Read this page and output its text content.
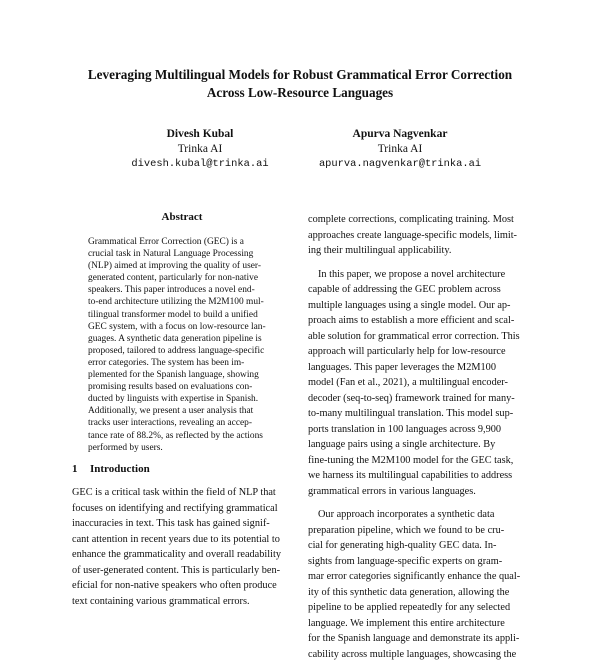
Leveraging Multilingual Models for Robust Grammatical Error Correction
Across Low-Resource Languages
Divesh Kubal
Trinka AI
divesh.kubal@trinka.ai
Apurva Nagvenkar
Trinka AI
apurva.nagvenkar@trinka.ai
Abstract
Grammatical Error Correction (GEC) is a
crucial task in Natural Language Processing
(NLP) aimed at improving the quality of user-
generated content, particularly for non-native
speakers. This paper introduces a novel end-
to-end architecture utilizing the M2M100 mul-
tilingual transformer model to build a unified
GEC system, with a focus on low-resource lan-
guages. A synthetic data generation pipeline is
proposed, tailored to address language-specific
error categories. The system has been im-
plemented for the Spanish language, showing
promising results based on evaluations con-
ducted by linguists with expertise in Spanish.
Additionally, we present a user analysis that
tracks user interactions, revealing an accep-
tance rate of 88.2%, as reflected by the actions
performed by users.
1 Introduction
GEC is a critical task within the field of NLP that
focuses on identifying and rectifying grammatical
inaccuracies in text. This task has gained signif-
cant attention in recent years due to its potential to
enhance the grammaticality and overall readability
of user-generated content. This is particularly ben-
eficial for non-native speakers who often produce
text containing various grammatical errors.
complete corrections, complicating training. Most
approaches create language-specific models, limit-
ing their multilingual applicability.
In this paper, we propose a novel architecture
capable of addressing the GEC problem across
multiple languages using a single model. Our ap-
proach aims to establish a more efficient and scal-
able solution for grammatical error correction. This
approach will particularly help for low-resource
languages. This paper leverages the M2M100
model (Fan et al., 2021), a multilingual encoder-
decoder (seq-to-seq) framework trained for many-
to-many multilingual translation. This model sup-
ports translation in 100 languages across 9,900
language pairs using a single architecture. By
fine-tuning the M2M100 model for the GEC task,
we harness its multilingual capabilities to address
grammatical errors in various languages.
Our approach incorporates a synthetic data
preparation pipeline, which we found to be cru-
cial for generating high-quality GEC data. In-
sights from language-specific experts on gram-
mar error categories significantly enhance the qual-
ity of this synthetic data generation, allowing the
pipeline to be applied repeatedly for any selected
language. We implement this entire architecture
for the Spanish language and demonstrate its appli-
cability across multiple languages, showcasing the
